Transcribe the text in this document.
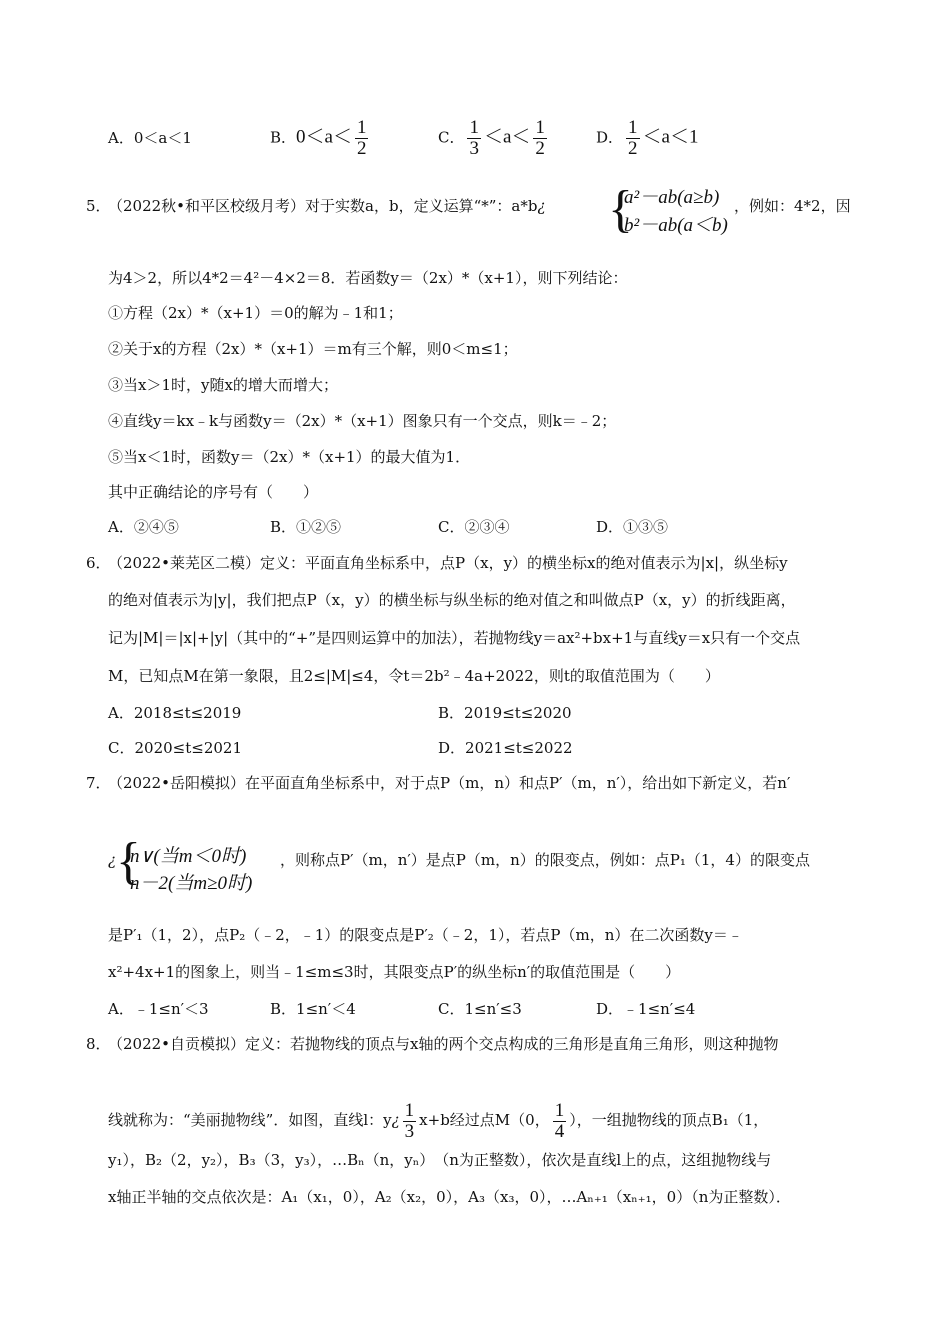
A．0＜a＜1	B．$0<a< \frac{1}{2}$	C． $\frac{1}{3} <a< \frac{1}{2}$	D． $\frac{1}{2} <a<1$
5．
（2022秋•和平区校级月考）对于实数a，b，定义运算“*”：a*b¿ {
a²－ab(a≥b)
b²－ab(a＜b)
，例如：4*2，因
为4＞2，所以4*2＝4²－4×2＝8．若函数y＝（2x）*（x+1），则下列结论：
①方程（2x）*（x+1）＝0的解为﹣1和1；
②关于x的方程（2x）*（x+1）＝m有三个解，则0＜m≤1；
③当x＞1时，y随x的增大而增大；
④直线y＝kx﹣k与函数y＝（2x）*（x+1）图象只有一个交点，则k＝﹣2；
⑤当x＜1时，函数y＝（2x）*（x+1）的最大值为1．
其中正确结论的序号有（　　）
A．②④⑤	B．①②⑤	C．②③④	D．①③⑤
6．
（2022•莱芜区二模）定义：平面直角坐标系中，点P（x，y）的横坐标x的绝对值表示为|x|，纵坐标y
的绝对值表示为|y|，我们把点P（x，y）的横坐标与纵坐标的绝对值之和叫做点P（x，y）的折线距离，
记为|M|＝|x|+|y|（其中的“+”是四则运算中的加法），若抛物线y＝ax²+bx+1与直线y＝x只有一个交点
M，已知点M在第一象限，且2≤|M|≤4，令t＝2b²﹣4a+2022，则t的取值范围为（　　）
A．2018≤t≤2019	B．2019≤t≤2020
C．2020≤t≤2021	D．2021≤t≤2022
7．
（2022•岳阳模拟）在平面直角坐标系中，对于点P（m，n）和点P′（m，n′），给出如下新定义，若n′
¿ {
n∨(当m＜0时)
n－2(当m≥0时)
，则称点P′（m，n′）是点P（m，n）的限变点，例如：点P₁（1，4）的限变点
是P′₁（1，2），点P₂（﹣2，﹣1）的限变点是P′₂（﹣2，1），若点P（m，n）在二次函数y＝﹣
x²+4x+1的图象上，则当﹣1≤m≤3时，其限变点P′的纵坐标n′的取值范围是（　　）
A．﹣1≤n′＜3	B．1≤n′＜4	C．1≤n′≤3	D．﹣1≤n′≤4
8．
（2022•自贡模拟）定义：若抛物线的顶点与x轴的两个交点构成的三角形是直角三角形，则这种抛物
线就称为：“美丽抛物线”．如图，直线l：y¿ $\frac{1}{3} x+b$经过点M（0， $\frac{1}{4}$ ），一组抛物线的顶点B₁（1，
y₁），B₂（2，y₂），B₃（3，y₃），…Bₙ（n，yₙ）　（n为正整数），依次是直线l上的点，这组抛物线与
x轴正半轴的交点依次是：A₁（x₁，0），A₂（x₂，0），A₃（x₃，0），…Aₙ₊₁（xₙ₊₁，0）（n为正整数）．
